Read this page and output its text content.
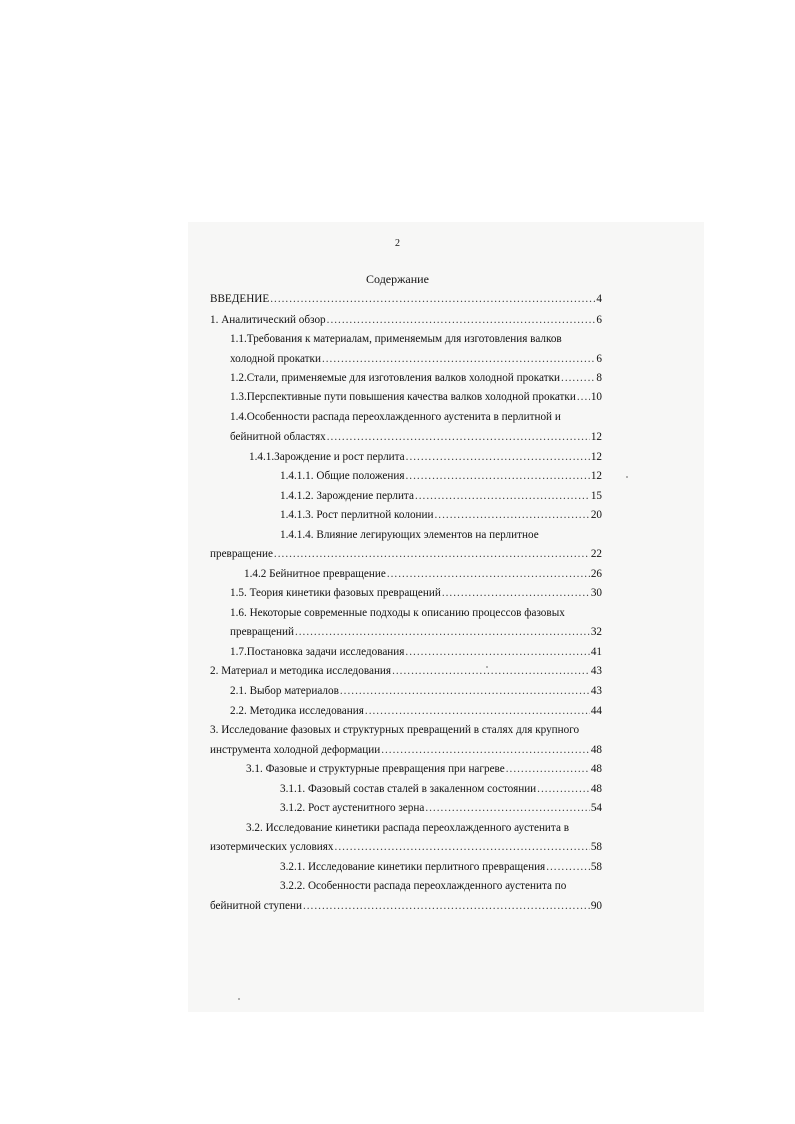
2
Содержание
ВВЕДЕНИЕ .....	4
1. Аналитический обзор .....	6
1.1.Требования к материалам, применяемым для изготовления валков
холодной прокатки .....	6
1.2.Стали, применяемые для изготовления валков холодной прокатки .....	8
1.3.Перспективные пути повышения качества валков холодной прокатки ..... 10
1.4.Особенности распада переохлажденного аустенита в перлитной и
бейнитной областях .....	12
1.4.1.Зарождение и рост перлита .....	12
1.4.1.1. Общие положения .....	12
1.4.1.2. Зарождение перлита .....	15
1.4.1.3. Рост перлитной колонии .....	20
1.4.1.4. Влияние легирующих элементов на перлитное
превращение .....	22
1.4.2 Бейнитное превращение .....	26
1.5. Теория кинетики фазовых превращений .....	30
1.6. Некоторые современные подходы к описанию процессов фазовых
превращений .....	32
1.7.Постановка задачи исследования .....	41
2. Материал и методика исследования .....	43
2.1. Выбор материалов .....	43
2.2. Методика исследования .....	44
3. Исследование фазовых и структурных превращений в сталях для крупного
инструмента холодной деформации .....	48
3.1. Фазовые и структурные превращения при нагреве .....	48
3.1.1. Фазовый состав сталей в закаленном состоянии .....	48
3.1.2. Рост аустенитного зерна .....	54
3.2. Исследование кинетики распада переохлажденного аустенита в
изотермических условиях .....	58
3.2.1. Исследование кинетики перлитного превращения .....	58
3.2.2. Особенности распада переохлажденного аустенита по
бейнитной ступени .....	90
